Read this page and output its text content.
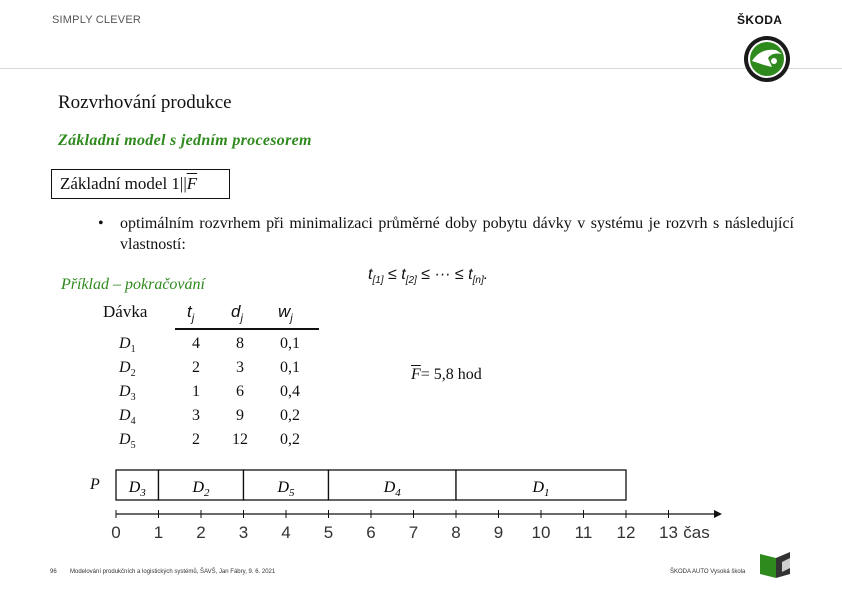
SIMPLY CLEVER	ŠKODA
Rozvrhování produkce
Základní model s jedním procesorem
Základní model $1||\overline{F}$
• optimálním rozvrhem při minimalizaci průměrné doby pobytu dávky v systému je rozvrh s následující vlastností:
$t_{[1]} \le t_{[2]}$ ≤ ··· ≤ $t_{[n]}$.
Příklad – pokračování
Dávka $t_j$ $d_j$ $w_j$
$D_1$	4	8	0,1
$D_2$	2	3	0,1
$D_3$	1	6	0,4
$D_4$	3	9	0,2
$D_5$	2	12	0,2
$\overline{F}= 5,8$ hod
P $D_3$	$D_2$	$D_5$	$D_4$	$D_1$
0 1 2 3 4 5 6 7 8 9 10 11 12 13 čas
96 Modelování produkčních a logistických systémů, ŠAVŠ, Jan Fábry, 9. 6. 2021	ŠKODA AUTO Vysoká škola
